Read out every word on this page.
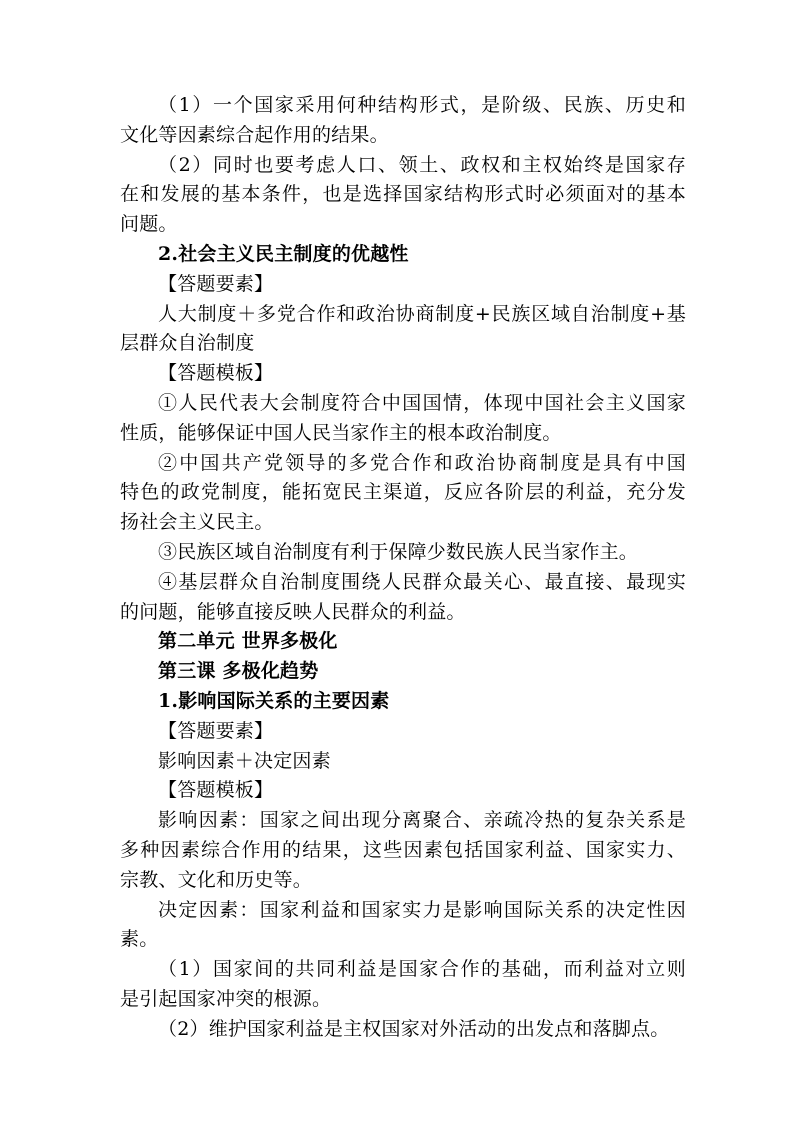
（1）一个国家采用何种结构形式，是阶级、民族、历史和
文化等因素综合起作用的结果。
（2）同时也要考虑人口、领土、政权和主权始终是国家存
在和发展的基本条件，也是选择国家结构形式时必须面对的基本
问题。
2.社会主义民主制度的优越性
【答题要素】
人大制度＋多党合作和政治协商制度+民族区域自治制度+基
层群众自治制度
【答题模板】
①人民代表大会制度符合中国国情，体现中国社会主义国家
性质，能够保证中国人民当家作主的根本政治制度。
②中国共产党领导的多党合作和政治协商制度是具有中国
特色的政党制度，能拓宽民主渠道，反应各阶层的利益，充分发
扬社会主义民主。
③民族区域自治制度有利于保障少数民族人民当家作主。
④基层群众自治制度围绕人民群众最关心、最直接、最现实
的问题，能够直接反映人民群众的利益。
第二单元 世界多极化
第三课 多极化趋势
1.影响国际关系的主要因素
【答题要素】
影响因素＋决定因素
【答题模板】
影响因素：国家之间出现分离聚合、亲疏冷热的复杂关系是
多种因素综合作用的结果，这些因素包括国家利益、国家实力、
宗教、文化和历史等。
决定因素：国家利益和国家实力是影响国际关系的决定性因
素。
（1）国家间的共同利益是国家合作的基础，而利益对立则
是引起国家冲突的根源。
（2）维护国家利益是主权国家对外活动的出发点和落脚点。
